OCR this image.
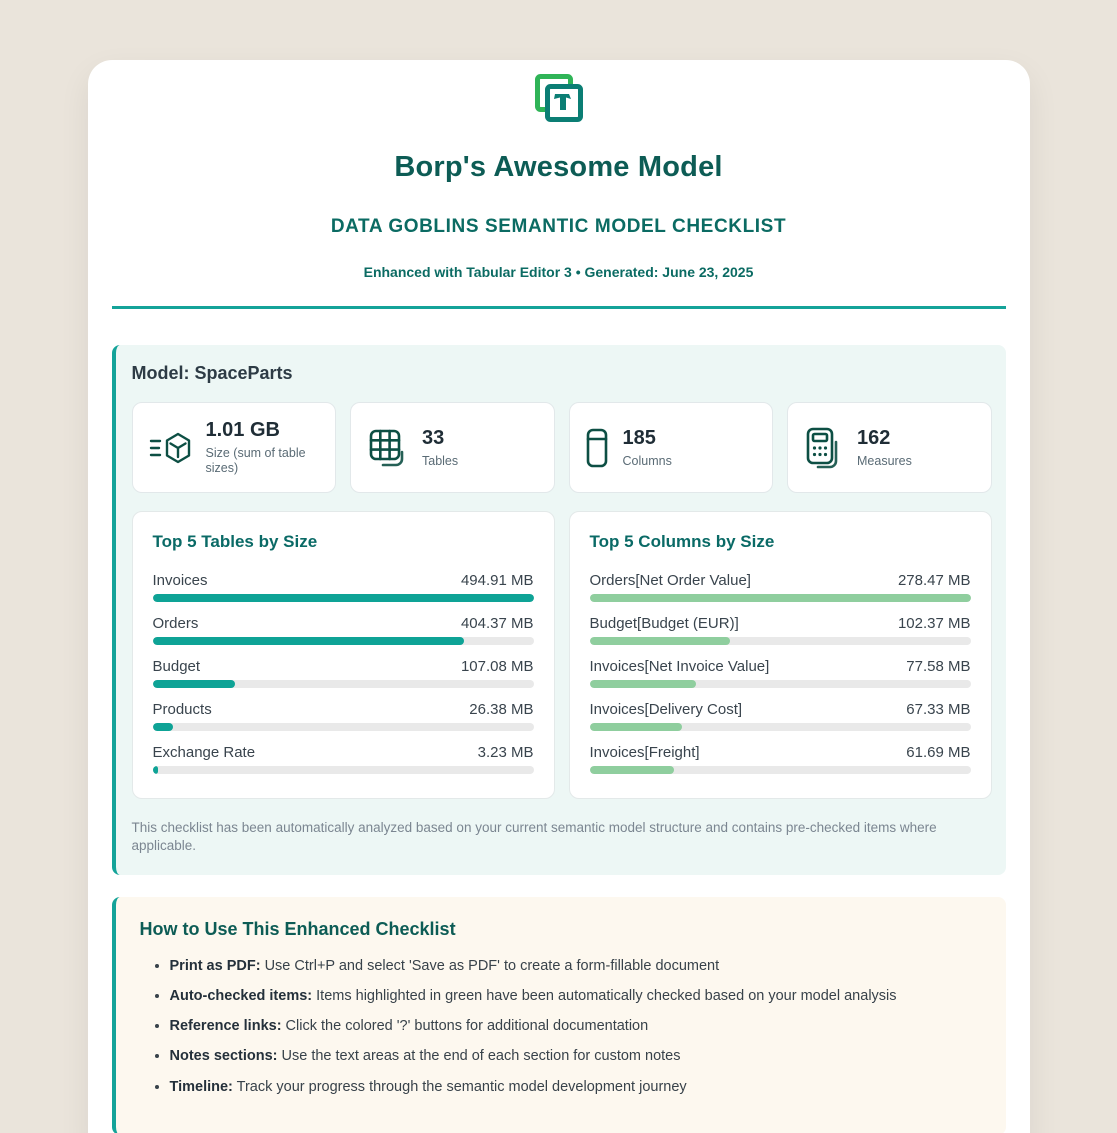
Borp's Awesome Model
DATA GOBLINS SEMANTIC MODEL CHECKLIST
Enhanced with Tabular Editor 3 • Generated: June 23, 2025
Model: SpaceParts
1.01 GB
Size (sum of table sizes)
33
Tables
185
Columns
162
Measures
Top 5 Tables by Size
Invoices	494.91 MB
Orders	404.37 MB
Budget	107.08 MB
Products	26.38 MB
Exchange Rate	3.23 MB
Top 5 Columns by Size
Orders[Net Order Value]	278.47 MB
Budget[Budget (EUR)]	102.37 MB
Invoices[Net Invoice Value]	77.58 MB
Invoices[Delivery Cost]	67.33 MB
Invoices[Freight]	61.69 MB

This checklist has been automatically analyzed based on your current semantic model structure and contains pre-checked items where applicable.

How to Use This Enhanced Checklist
• Print as PDF: Use Ctrl+P and select 'Save as PDF' to create a form-fillable document
• Auto-checked items: Items highlighted in green have been automatically checked based on your model analysis
• Reference links: Click the colored '?' buttons for additional documentation
• Notes sections: Use the text areas at the end of each section for custom notes
• Timeline: Track your progress through the semantic model development journey
